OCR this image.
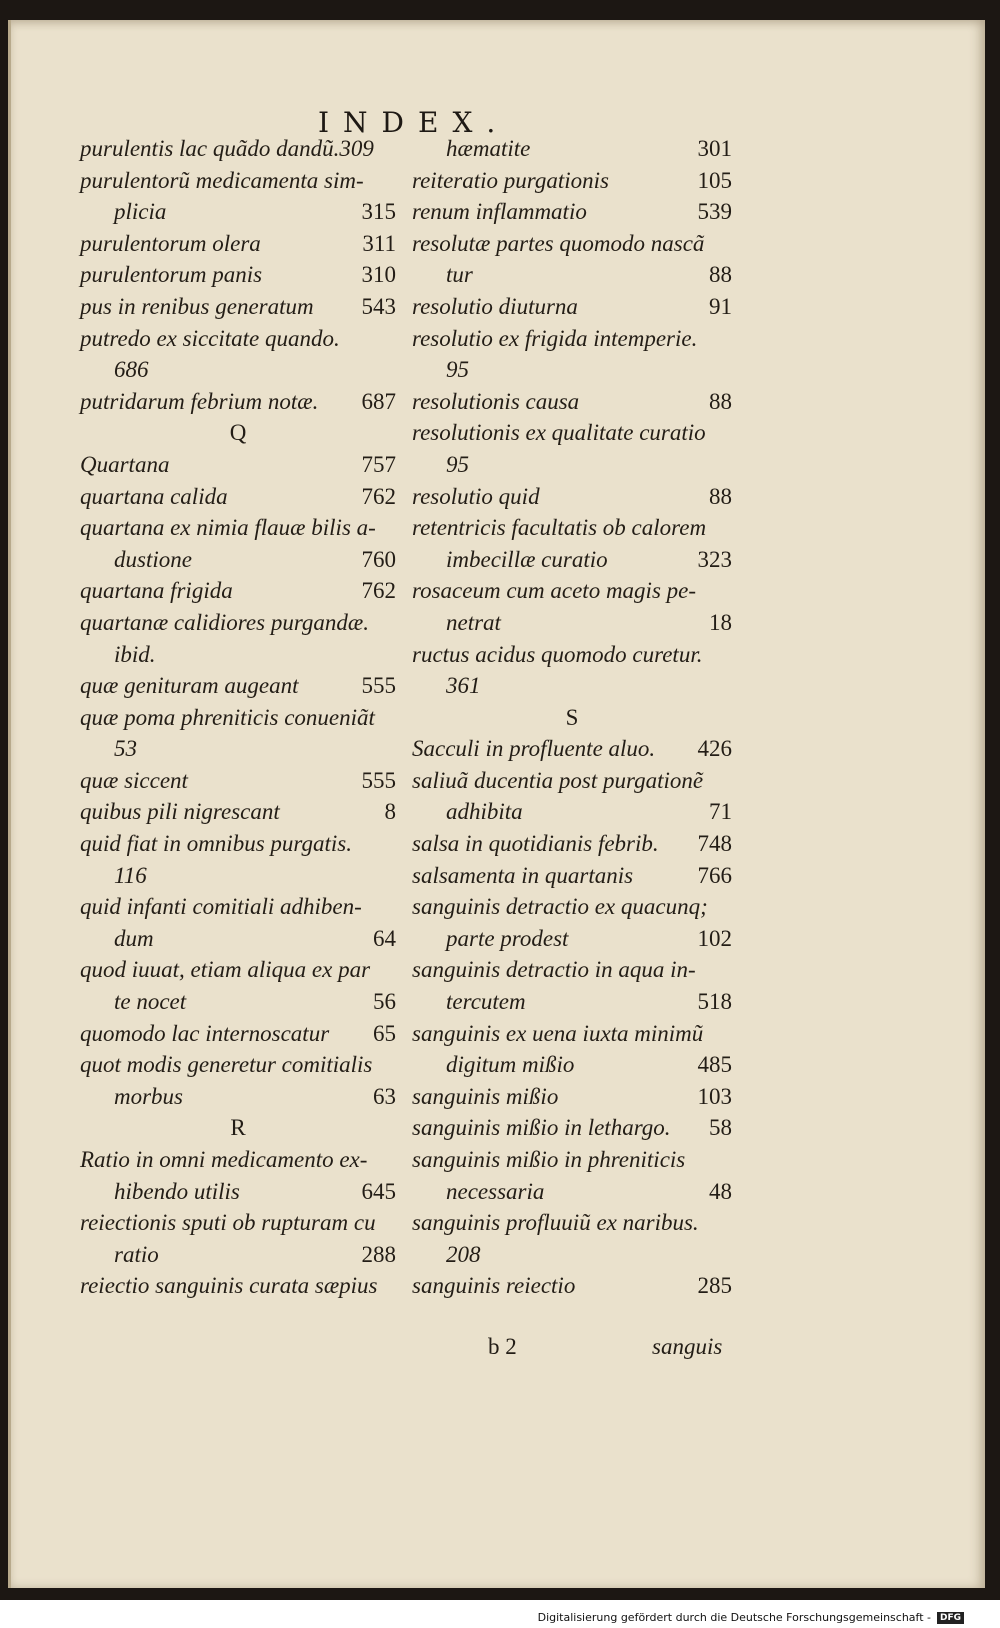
INDEX.
purulentis lac quãdo dandũ.309
purulentorũ medicamenta sim-
plicia	315
purulentorum olera	311
purulentorum panis	310
pus in renibus generatum 543
putredo ex siccitate quando.
686
putridarum febrium notæ. 687
Q
Quartana	757
quartana calida	762
quartana ex nimia flauæ bilis a-
dustione	760
quartana frigida	762
quartanæ calidiores purgandæ.
ibid.
quæ genituram augeant	555
quæ poma phreniticis conueniãt
53
quæ siccent	555
quibus pili nigrescant	8
quid fiat in omnibus purgatis.
116
quid infanti comitiali adhiben-
dum	64
quod iuuat, etiam aliqua ex par
te nocet	56
quomodo lac internoscatur 65
quot modis generetur comitialis
morbus	63
R
Ratio in omni medicamento ex-
hibendo utilis	645
reiectionis sputi ob rupturam cu
ratio	288
reiectio sanguinis curata sæpius
hæmatite	301
reiteratio purgationis	105
renum inflammatio	539
resolutæ partes quomodo nascã
tur	88
resolutio diuturna	91
resolutio ex frigida intemperie.
95
resolutionis causa	88
resolutionis ex qualitate curatio
95
resolutio quid	88
retentricis facultatis ob calorem
imbecillæ curatio	323
rosaceum cum aceto magis pe-
netrat	18
ructus acidus quomodo curetur.
361
S
Sacculi in profluente aluo. 426
saliuã ducentia post purgationẽ
adhibita	71
salsa in quotidianis febrib. 748
salsamenta in quartanis	766
sanguinis detractio ex quacunq;
parte prodest	102
sanguinis detractio in aqua in-
tercutem	518
sanguinis ex uena iuxta minimũ
digitum mißio	485
sanguinis mißio	103
sanguinis mißio in lethargo. 58
sanguinis mißio in phreniticis
necessaria	48
sanguinis profluuiũ ex naribus.
208
sanguinis reiectio	285
b 2	sanguis
Digitalisierung gefördert durch die Deutsche Forschungsgemeinschaft -	DFG
